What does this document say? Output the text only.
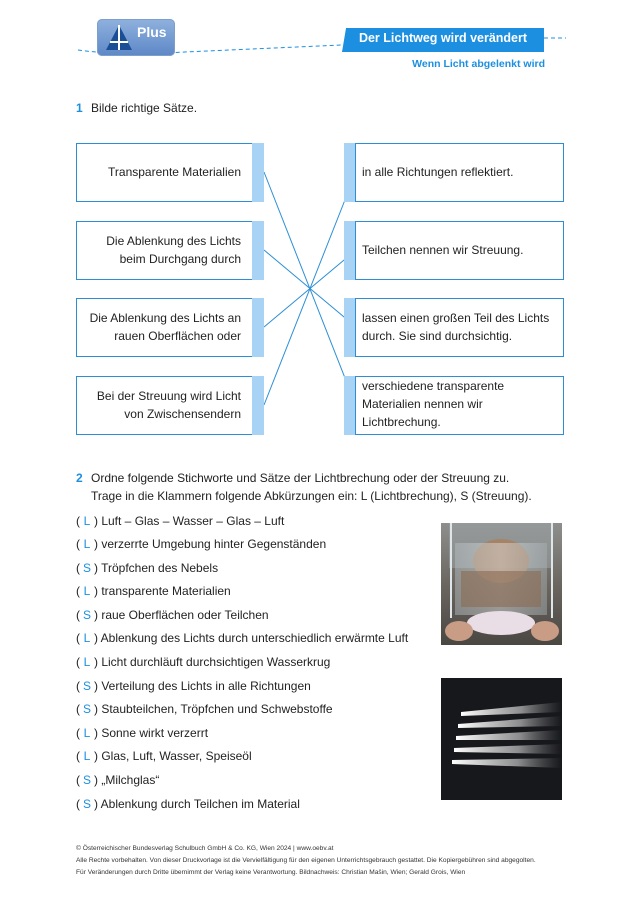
Plus	Der Lichtweg wird verändert
Wenn Licht abgelenkt wird
1 Bilde richtige Sätze.
Transparente Materialien
Die Ablenkung des Lichts
beim Durchgang durch
Die Ablenkung des Lichts an
rauen Oberflächen oder
Bei der Streuung wird Licht
von Zwischensendern
in alle Richtungen reflektiert.
Teilchen nennen wir Streuung.
lassen einen großen Teil des Lichts
durch. Sie sind durchsichtig.
verschiedene transparente
Materialien nennen wir
Lichtbrechung.
2 Ordne folgende Stichworte und Sätze der Lichtbrechung oder der Streuung zu.
Trage in die Klammern folgende Abkürzungen ein: L (Lichtbrechung), S (Streuung).
( L ) Luft – Glas – Wasser – Glas – Luft
( L ) verzerrte Umgebung hinter Gegenständen
( S ) Tröpfchen des Nebels
( L ) transparente Materialien
( S ) raue Oberflächen oder Teilchen
( L ) Ablenkung des Lichts durch unterschiedlich erwärmte Luft
( L ) Licht durchläuft durchsichtigen Wasserkrug
( S ) Verteilung des Lichts in alle Richtungen
( S ) Staubteilchen, Tröpfchen und Schwebstoffe
( L ) Sonne wirkt verzerrt
( L ) Glas, Luft, Wasser, Speiseöl
( S ) „Milchglas“
( S ) Ablenkung durch Teilchen im Material
© Österreichischer Bundesverlag Schulbuch GmbH & Co. KG, Wien 2024 | www.oebv.at
Alle Rechte vorbehalten. Von dieser Druckvorlage ist die Vervielfältigung für den eigenen Unterrichtsgebrauch gestattet. Die Kopiergebühren sind abgegolten.
Für Veränderungen durch Dritte übernimmt der Verlag keine Verantwortung. Bildnachweis: Christian Mašin, Wien; Gerald Grois, Wien
